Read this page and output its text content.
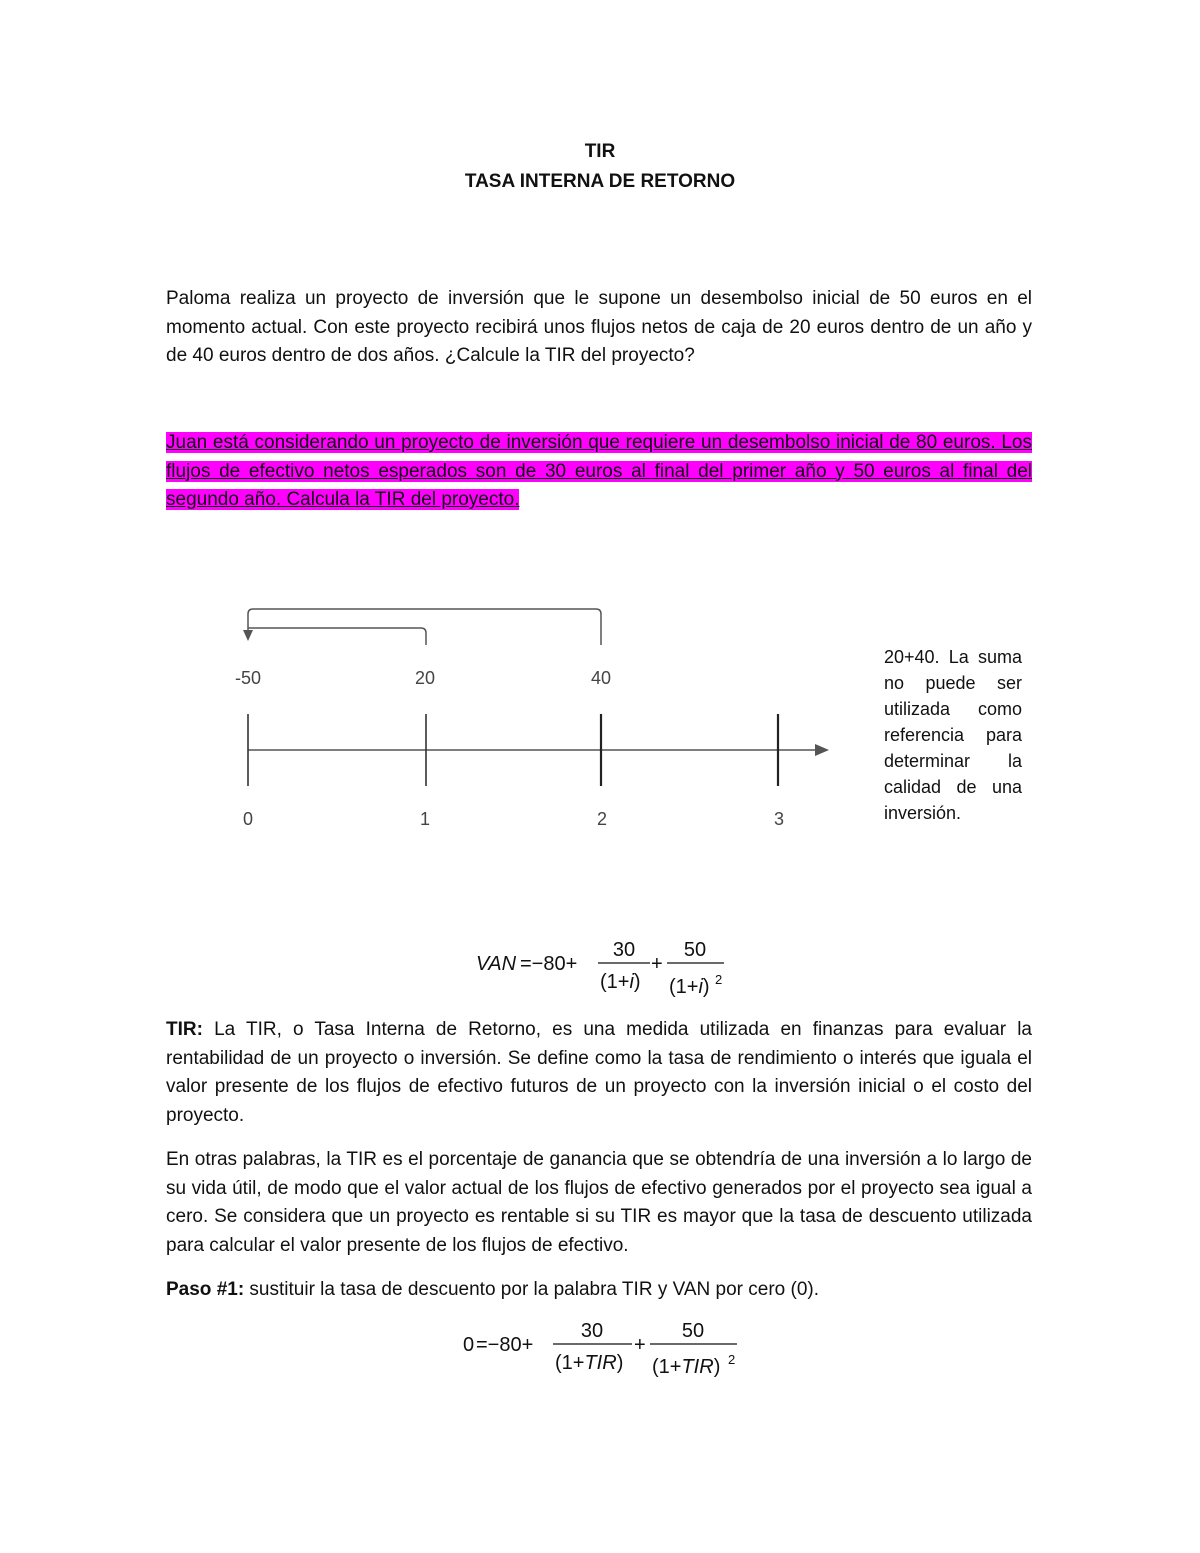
TIR
TASA INTERNA DE RETORNO

Paloma realiza un proyecto de inversión que le supone un desembolso inicial de 50 euros en el momento actual. Con este proyecto recibirá unos flujos netos de caja de 20 euros dentro de un año y de 40 euros dentro de dos años. ¿Calcule la TIR del proyecto?

Juan está considerando un proyecto de inversión que requiere un desembolso inicial de 80 euros. Los flujos de efectivo netos esperados son de 30 euros al final del primer año y 50 euros al final del segundo año. Calcula la TIR del proyecto.

-50	20	40
0	1	2	3

20+40. La suma no puede ser utilizada como referencia para determinar la calidad de una inversión.

VAN =−80+
30
(1+i)
+
50
(1+i) 2

TIR: La TIR, o Tasa Interna de Retorno, es una medida utilizada en finanzas para evaluar la rentabilidad de un proyecto o inversión. Se define como la tasa de rendimiento o interés que iguala el valor presente de los flujos de efectivo futuros de un proyecto con la inversión inicial o el costo del proyecto.

En otras palabras, la TIR es el porcentaje de ganancia que se obtendría de una inversión a lo largo de su vida útil, de modo que el valor actual de los flujos de efectivo generados por el proyecto sea igual a cero. Se considera que un proyecto es rentable si su TIR es mayor que la tasa de descuento utilizada para calcular el valor presente de los flujos de efectivo.

Paso #1: sustituir la tasa de descuento por la palabra TIR y VAN por cero (0).

0 =−80+
30
(1+TIR)
+
50
(1+TIR) 2
